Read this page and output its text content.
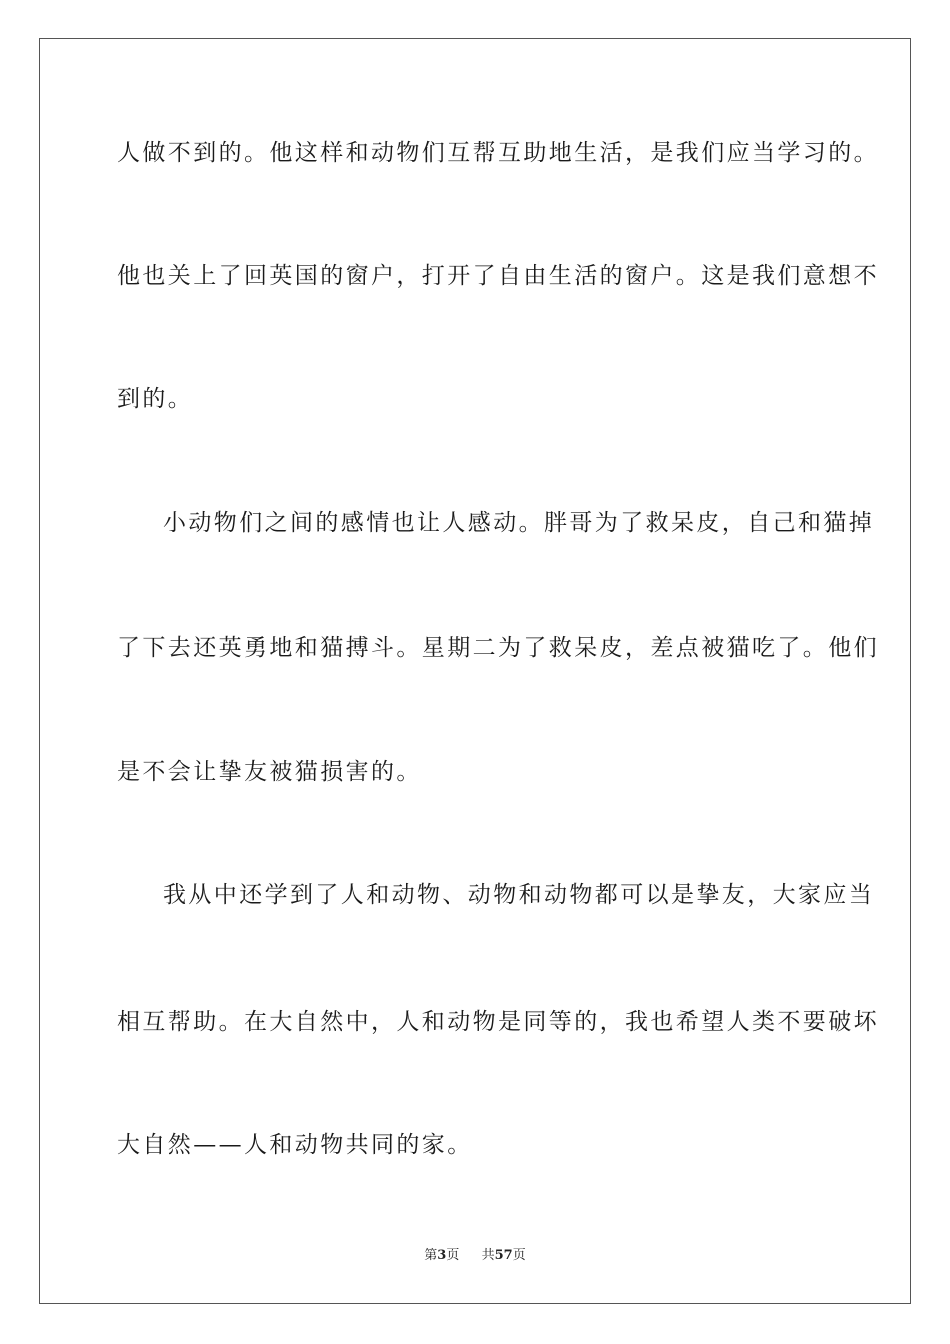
人做不到的。他这样和动物们互帮互助地生活，是我们应当学习的。
他也关上了回英国的窗户，打开了自由生活的窗户。这是我们意想不
到的。
小动物们之间的感情也让人感动。胖哥为了救呆皮，自己和猫掉
了下去还英勇地和猫搏斗。星期二为了救呆皮，差点被猫吃了。他们
是不会让挚友被猫损害的。
我从中还学到了人和动物、动物和动物都可以是挚友，大家应当
相互帮助。在大自然中，人和动物是同等的，我也希望人类不要破坏
大自然——人和动物共同的家。
第3页 共57页
